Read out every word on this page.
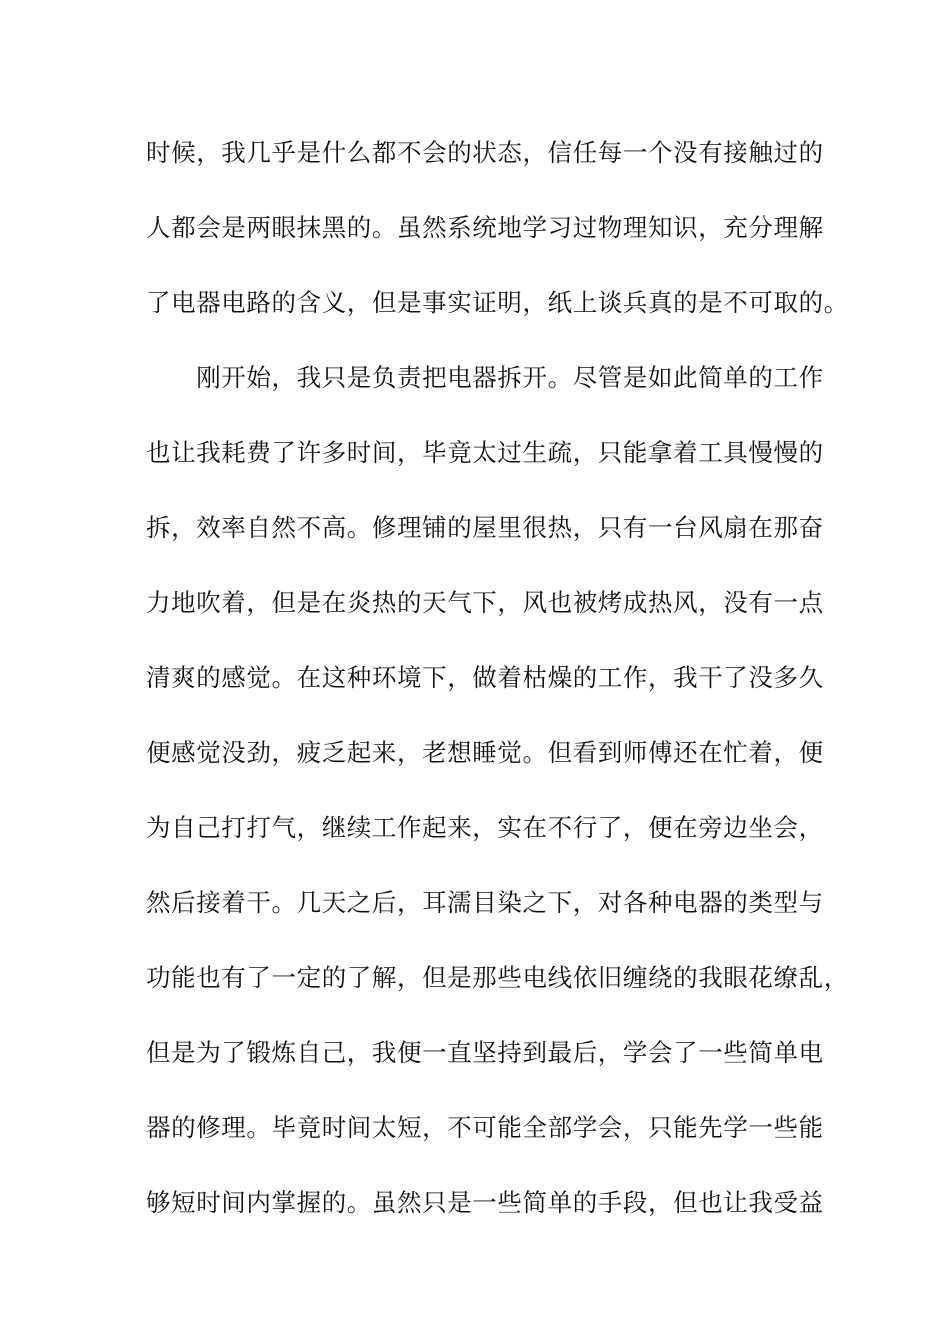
时候，我几乎是什么都不会的状态，信任每一个没有接触过的
人都会是两眼抹黑的。虽然系统地学习过物理知识，充分理解
了电器电路的含义，但是事实证明，纸上谈兵真的是不可取的。
　　刚开始，我只是负责把电器拆开。尽管是如此简单的工作
也让我耗费了许多时间，毕竟太过生疏，只能拿着工具慢慢的
拆，效率自然不高。修理铺的屋里很热，只有一台风扇在那奋
力地吹着，但是在炎热的天气下，风也被烤成热风，没有一点
清爽的感觉。在这种环境下，做着枯燥的工作，我干了没多久
便感觉没劲，疲乏起来，老想睡觉。但看到师傅还在忙着，便
为自己打打气，继续工作起来，实在不行了，便在旁边坐会，
然后接着干。几天之后，耳濡目染之下，对各种电器的类型与
功能也有了一定的了解，但是那些电线依旧缠绕的我眼花缭乱，
但是为了锻炼自己，我便一直坚持到最后，学会了一些简单电
器的修理。毕竟时间太短，不可能全部学会，只能先学一些能
够短时间内掌握的。虽然只是一些简单的手段，但也让我受益
